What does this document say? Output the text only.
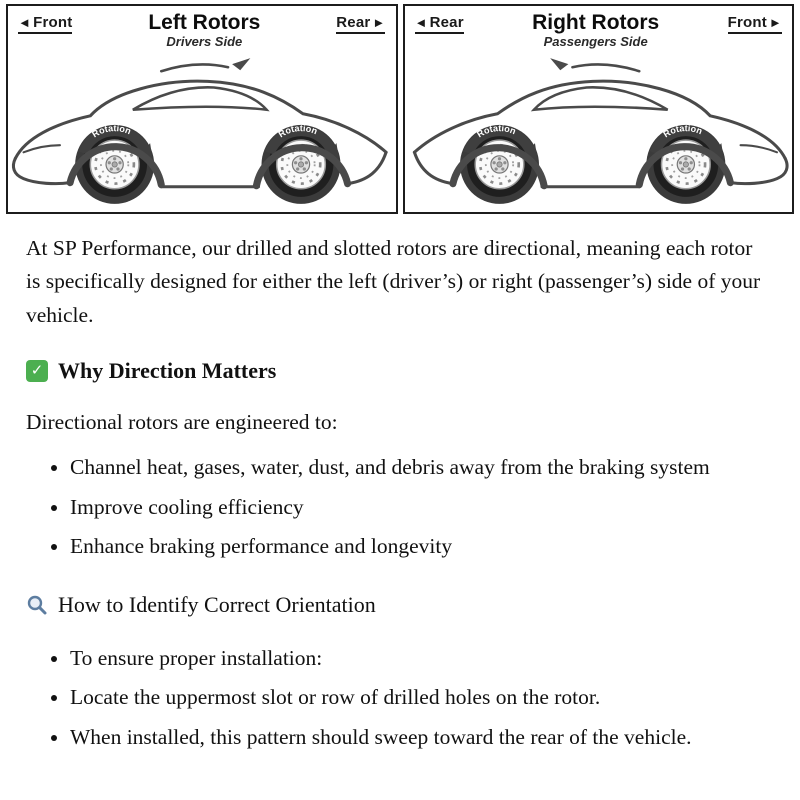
◄ Front	Left Rotors
Drivers Side
Rear ► ◄ Rear	Right Rotors
Passengers Side
Front ►

At SP Performance, our drilled and slotted rotors are directional, meaning each rotor is specifically designed for either the left (driver’s) or right (passenger’s) side of your vehicle.

✓ Why Direction Matters

Directional rotors are engineered to:

• Channel heat, gases, water, dust, and debris away from the braking system
• Improve cooling efficiency
• Enhance braking performance and longevity
How to Identify Correct Orientation
• To ensure proper installation:
• Locate the uppermost slot or row of drilled holes on the rotor.
• When installed, this pattern should sweep toward the rear of the vehicle.
